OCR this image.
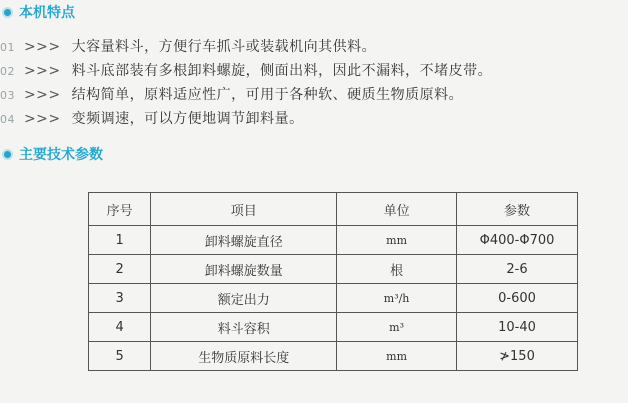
本机特点
01 >>> 大容量料斗，方便行车抓斗或装载机向其供料。
02 >>> 料斗底部装有多根卸料螺旋，侧面出料，因此不漏料，不堵皮带。
03 >>> 结构简单，原料适应性广，可用于各种软、硬质生物质原料。
04 >>> 变频调速，可以方便地调节卸料量。
主要技术参数
序号	项目	单位	参数
1	卸料螺旋直径	mm	Φ400-Φ700
2	卸料螺旋数量	根	2-6
3	额定出力	m³/h	0-600
4	料斗容积	m³	10-40
5	生物质原料长度	mm	≯150
